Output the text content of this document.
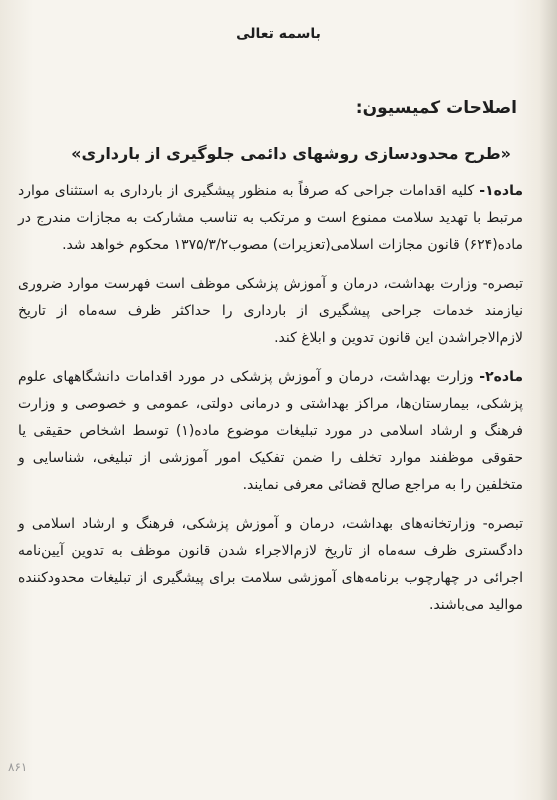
باسمه تعالی
اصلاحات کمیسیون:
«طرح محدودسازی روشهای دائمی جلوگیری از بارداری»

ماده۱- کلیه اقدامات جراحی که صرفاً به منظور پیشگیری از بارداری به استثنای موارد مرتبط با تهدید سلامت ممنوع است و مرتکب به تناسب مشارکت به مجازات مندرج در ماده(۶۲۴) قانون مجازات اسلامی(تعزیرات) مصوب۱۳۷۵/۳/۲ محکوم خواهد شد.

تبصره- وزارت بهداشت، درمان و آموزش پزشکی موظف است فهرست موارد ضروری نیازمند خدمات جراحی پیشگیری از بارداری را حداکثر ظرف سه‌ماه از تاریخ لازم‌الاجراشدن این قانون تدوین و ابلاغ کند.

ماده۲- وزارت بهداشت، درمان و آموزش پزشکی در مورد اقدامات دانشگاههای علوم پزشکی، بیمارستان‌ها، مراکز بهداشتی و درمانی دولتی، عمومی و خصوصی و وزارت فرهنگ و ارشاد اسلامی در مورد تبلیغات موضوع ماده(۱) توسط اشخاص حقیقی یا حقوقی موظفند موارد تخلف را ضمن تفکیک امور آموزشی از تبلیغی، شناسایی و متخلفین را به مراجع صالح قضائی معرفی نمایند.

تبصره- وزارتخانه‌های بهداشت، درمان و آموزش پزشکی، فرهنگ و ارشاد اسلامی و دادگستری ظرف سه‌ماه از تاریخ لازم‌الاجراء شدن قانون موظف به تدوین آیین‌نامه اجرائی در چهارچوب برنامه‌های آموزشی سلامت برای پیشگیری از تبلیغات محدودکننده موالید می‌باشند.

۸۶۱
